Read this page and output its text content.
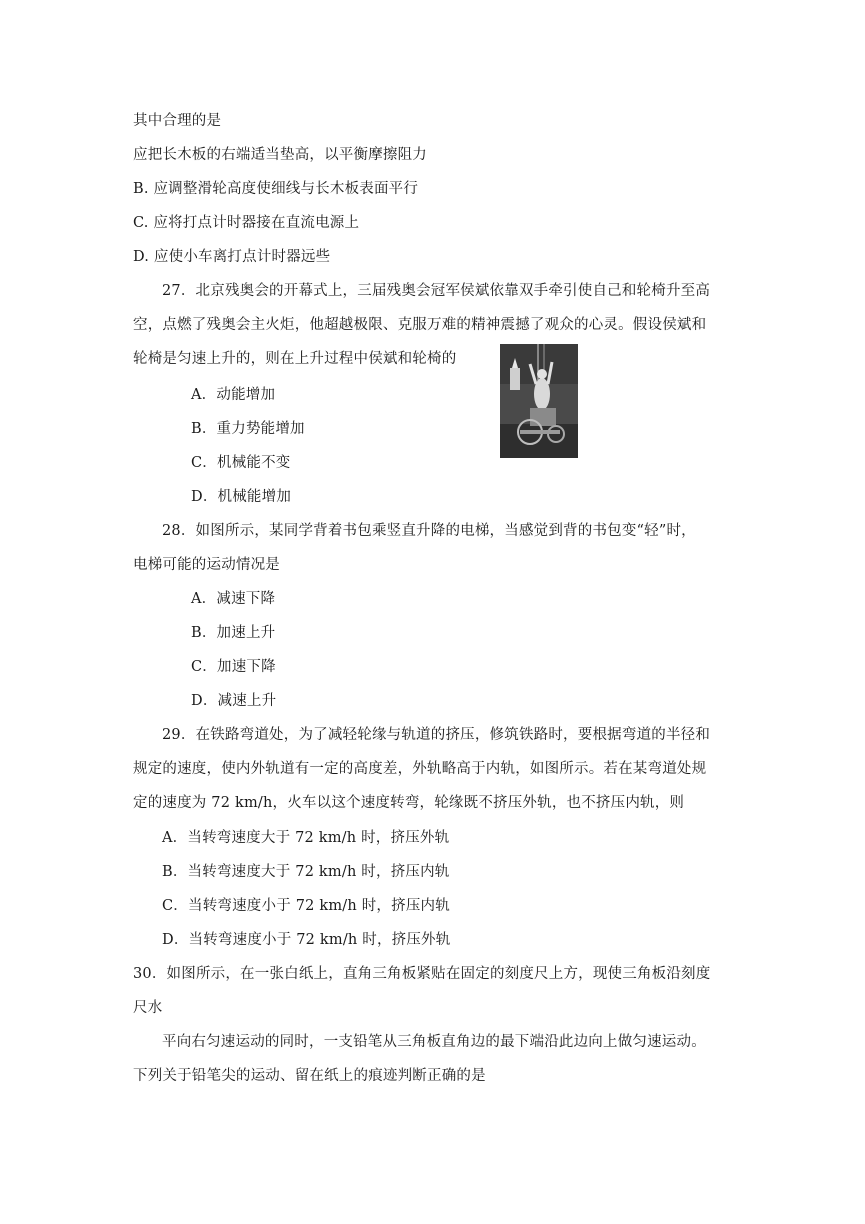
其中合理的是
应把长木板的右端适当垫高，以平衡摩擦阻力
B. 应调整滑轮高度使细线与长木板表面平行
C. 应将打点计时器接在直流电源上
D. 应使小车离打点计时器远些
27．北京残奥会的开幕式上，三届残奥会冠军侯斌依靠双手牵引使自己和轮椅升至高
空，点燃了残奥会主火炬，他超越极限、克服万难的精神震撼了观众的心灵。假设侯斌和
轮椅是匀速上升的，则在上升过程中侯斌和轮椅的
A．动能增加
B．重力势能增加
C．机械能不变
D．机械能增加
28．如图所示，某同学背着书包乘竖直升降的电梯，当感觉到背的书包变“轻”时，
电梯可能的运动情况是
A．减速下降
B．加速上升
C．加速下降
D．减速上升
29．在铁路弯道处，为了减轻轮缘与轨道的挤压，修筑铁路时，要根据弯道的半径和
规定的速度，使内外轨道有一定的高度差，外轨略高于内轨，如图所示。若在某弯道处规
定的速度为 72 km/h，火车以这个速度转弯，轮缘既不挤压外轨，也不挤压内轨，则
A．当转弯速度大于 72 km/h 时，挤压外轨
B．当转弯速度大于 72 km/h 时，挤压内轨
C．当转弯速度小于 72 km/h 时，挤压内轨
D．当转弯速度小于 72 km/h 时，挤压外轨
30．如图所示，在一张白纸上，直角三角板紧贴在固定的刻度尺上方，现使三角板沿刻度
尺水
平向右匀速运动的同时，一支铅笔从三角板直角边的最下端沿此边向上做匀速运动。
下列关于铅笔尖的运动、留在纸上的痕迹判断正确的是
